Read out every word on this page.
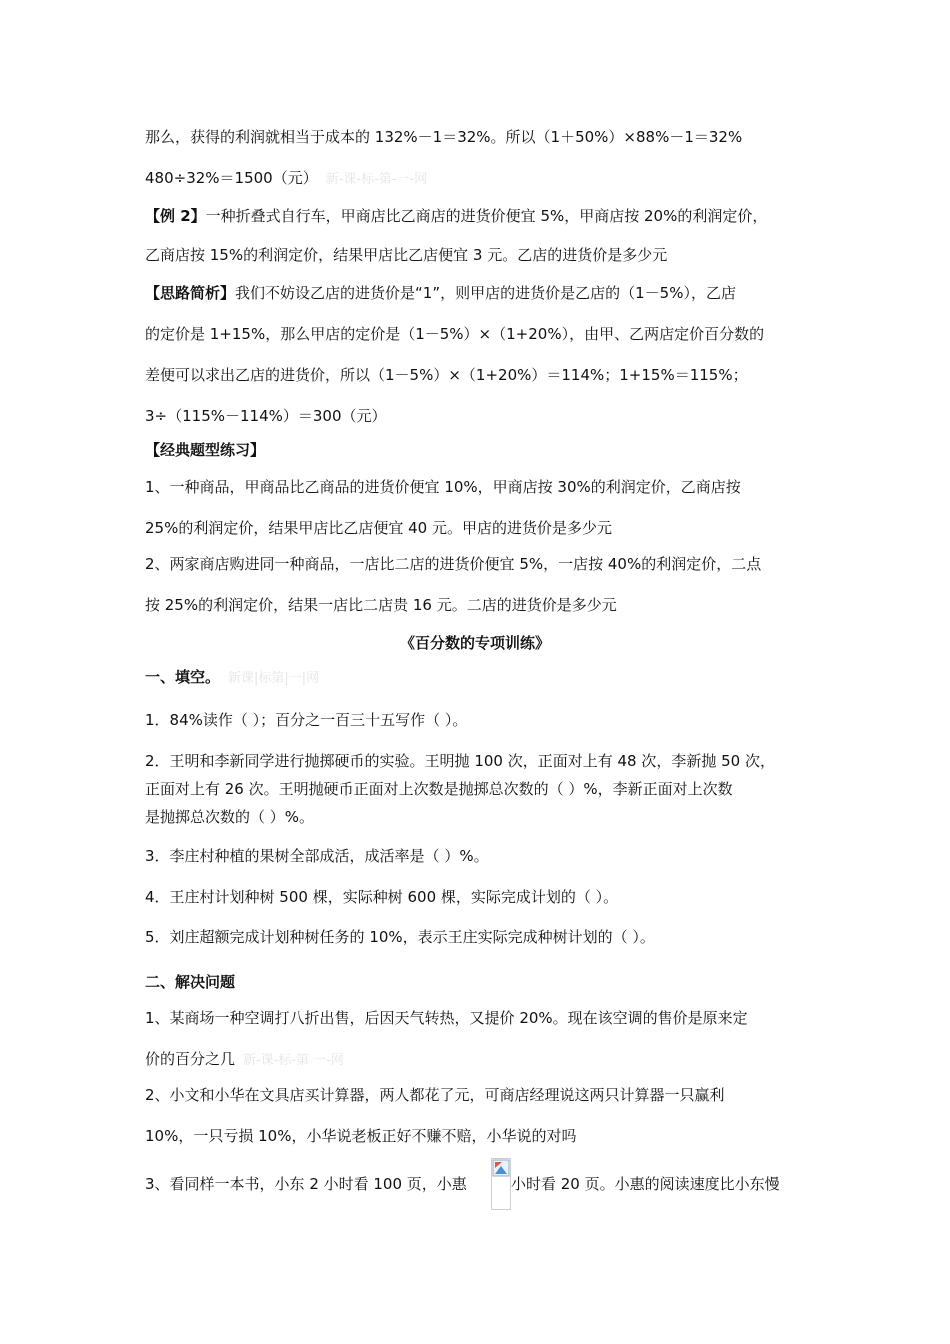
那么，获得的利润就相当于成本的 132%－1＝32%。所以（1＋50%）×88%－1＝32%
480÷32%＝1500（元） 新-课-标-第-一-网
【例 2】一种折叠式自行车，甲商店比乙商店的进货价便宜 5%，甲商店按 20%的利润定价，
乙商店按 15%的利润定价，结果甲店比乙店便宜 3 元。乙店的进货价是多少元
【思路简析】我们不妨设乙店的进货价是“1”，则甲店的进货价是乙店的（1－5%），乙店
的定价是 1+15%，那么甲店的定价是（1－5%）×（1+20%），由甲、乙两店定价百分数的
差便可以求出乙店的进货价，所以（1－5%）×（1+20%）＝114%；1+15%＝115%；
3÷（115%－114%）＝300（元）
【经典题型练习】
1、一种商品，甲商品比乙商品的进货价便宜 10%，甲商店按 30%的利润定价，乙商店按
25%的利润定价，结果甲店比乙店便宜 40 元。甲店的进货价是多少元
2、两家商店购进同一种商品，一店比二店的进货价便宜 5%，一店按 40%的利润定价，二点
按 25%的利润定价，结果一店比二店贵 16 元。二店的进货价是多少元
《百分数的专项训练》
一、填空。 新课|标第|一|网
1．84%读作（ ）；百分之一百三十五写作（ ）。
2．王明和李新同学进行抛掷硬币的实验。王明抛 100 次，正面对上有 48 次，李新抛 50 次，
正面对上有 26 次。王明抛硬币正面对上次数是抛掷总次数的（ ）%，李新正面对上次数
是抛掷总次数的（ ）%。
3．李庄村种植的果树全部成活，成活率是（ ）%。
4．王庄村计划种树 500 棵，实际种树 600 棵，实际完成计划的（ ）。
5．刘庄超额完成计划种树任务的 10%，表示王庄实际完成种树计划的（ ）。
二、解决问题
1、某商场一种空调打八折出售，后因天气转热，又提价 20%。现在该空调的售价是原来定
价的百分之几 新-课-标-第 一-网
2、小文和小华在文具店买计算器，两人都花了元，可商店经理说这两只计算器一只赢利
10%，一只亏损 10%，小华说老板正好不赚不赔，小华说的对吗
3、看同样一本书，小东 2 小时看 100 页，小惠	小时看 20 页。小惠的阅读速度比小东慢
